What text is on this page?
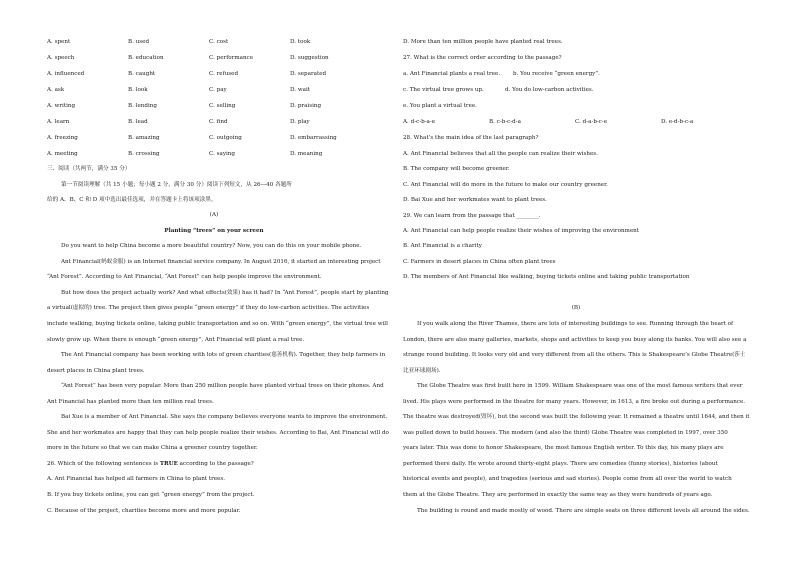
A. spent	B. used	C. cost	D. took
A. speech	B. education	C. performance	D. suggestion
A. influenced	B. caught	C. refused	D. separated
A. ask	B. look	C. pay	D. wait
A. writing	B. lending	C. selling	D. praising
A. learn	B. lead	C. find	D. play
A. freezing	B. amazing	C. outgoing	D. embarrassing
A. meeting	B. crossing	C. saying	D. meaning
三、阅读（共两节，满分 35 分）
第一节阅读理解（共 15 小题；每小题 2 分，满分 30 分）阅读下列短文，从 26—40 各题所
给的 A、B、C 和 D 项中选出最佳选项，并在答题卡上将该项涂黑。
(A)
Planting “trees” on your screen
Do you want to help China become a more beautiful country? Now, you can do this on your mobile phone.
Ant Financial(蚂蚁金服) is an Internet financial service company. In August 2016, it started an interesting project
“Ant Forest”. According to Ant Financial, “Ant Forest” can help people improve the environment.
But how does the project actually work? And what effects(效果) has it had? In “Ant Forest”, people start by planting
a virtual(虚拟的) tree. The project then gives people “green energy” if they do low-carbon activities. The activities
include walking, buying tickets online, taking public transportation and so on. With “green energy”, the virtual tree will
slowly grow up. When there is enough “green energy”, Ant Financial will plant a real tree.
The Ant Financial company has been working with lots of green charities(慈善机构). Together, they help farmers in
desert places in China plant trees.
“Ant Forest” has been very popular. More than 250 million people have planted virtual trees on their phones. And
Ant Financial has planted more than ten million real trees.
Bai Xue is a member of Ant Financial. She says the company believes everyone wants to improve the environment.
She and her workmates are happy that they can help people realize their wishes. According to Bai, Ant Financial will do
more in the future so that we can make China a greener country together.
26. Which of the following sentences is TRUE according to the passage?
A. Ant Financial has helped all farmers in China to plant trees.
B. If you buy tickets online, you can get “green energy” from the project.
C. Because of the project, charities become more and more popular.
D. More than ten million people have planted real trees.
27. What is the correct order according to the passage?
a. Ant Financial plants a real tree. b. You receive “green energy”.
c. The virtual tree grows up.	d. You do low-carbon activities.
e. You plant a virtual tree.
A. d-c-b-a-e	B. c-b-c-d-a	C. d-a-b-c-e	D. e-d-b-c-a
28. What’s the main idea of the last paragraph?
A. Ant Financial believes that all the people can realize their wishes.
B. The company will become greener.
C. Ant Financial will do more in the future to make our country greener.
D. Bai Xue and her workmates want to plant trees.
29. We can learn from the passage that ________.
A. Ant Financial can help people realize their wishes of improving the environment
B. Ant Financial is a charity
C. Farmers in desert places in China often plant trees
D. The members of Ant Financial like walking, buying tickets online and taking public transportation
(B)
If you walk along the River Thames, there are lots of interesting buildings to see. Running through the heart of
London, there are also many galleries, markets, shops and activities to keep you busy along its banks. You will also see a
strange round building. It looks very old and very different from all the others. This is Shakespeare’s Globe Theatre(莎士
比亚环球剧场).
The Globe Theatre was first built here in 1599. William Shakespeare was one of the most famous writers that ever
lived. His plays were performed in the theatre for many years. However, in 1613, a fire broke out during a performance.
The theatre was destroyed(毁坏), but the second was built the following year. It remained a theatre until 1644, and then it
was pulled down to build houses. The modern (and also the third) Globe Theatre was completed in 1997, over 350
years later. This was done to honor Shakespeare, the most famous English writer. To this day, his many plays are
performed there daily. He wrote around thirty-eight plays. There are comedies (funny stories), histories (about
historical events and people), and tragedies (serious and sad stories). People come from all over the world to watch
them at the Globe Theatre. They are performed in exactly the same way as they were hundreds of years ago.
The building is round and made mostly of wood. There are simple seats on three different levels all around the sides.
